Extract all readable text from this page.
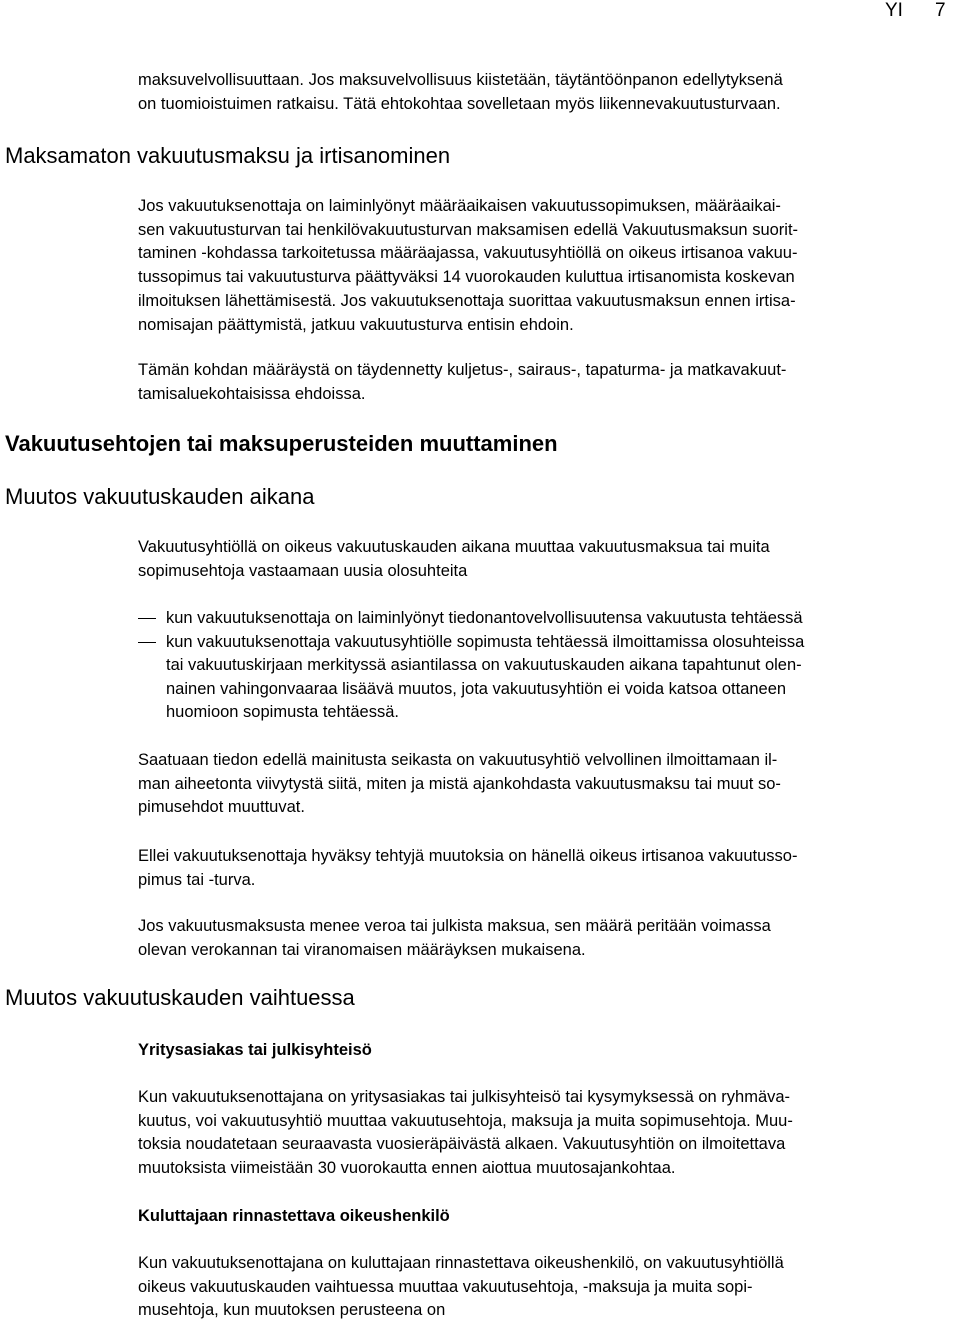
YI 7
maksuvelvollisuuttaan. Jos maksuvelvollisuus kiistetään, täytäntöönpanon edellytyksenä
on tuomioistuimen ratkaisu. Tätä ehtokohtaa sovelletaan myös liikennevakuutusturvaan.
Maksamaton vakuutusmaksu ja irtisanominen
Jos vakuutuksenottaja on laiminlyönyt määräaikaisen vakuutussopimuksen, määräaikai-
sen vakuutusturvan tai henkilövakuutusturvan maksamisen edellä Vakuutusmaksun suorit-
taminen -kohdassa tarkoitetussa määräajassa, vakuutusyhtiöllä on oikeus irtisanoa vakuu-
tussopimus tai vakuutusturva päättyväksi 14 vuorokauden kuluttua irtisanomista koskevan
ilmoituksen lähettämisestä. Jos vakuutuksenottaja suorittaa vakuutusmaksun ennen irtisa-
nomisajan päättymistä, jatkuu vakuutusturva entisin ehdoin.
Tämän kohdan määräystä on täydennetty kuljetus-, sairaus-, tapaturma- ja matkavakuut-
tamisaluekohtaisissa ehdoissa.
Vakuutusehtojen tai maksuperusteiden muuttaminen
Muutos vakuutuskauden aikana
Vakuutusyhtiöllä on oikeus vakuutuskauden aikana muuttaa vakuutusmaksua tai muita
sopimusehtoja vastaamaan uusia olosuhteita
kun vakuutuksenottaja on laiminlyönyt tiedonantovelvollisuutensa vakuutusta tehtäessä
kun vakuutuksenottaja vakuutusyhtiölle sopimusta tehtäessä ilmoittamissa olosuhteissa
tai vakuutuskirjaan merkityssä asiantilassa on vakuutuskauden aikana tapahtunut olen-
nainen vahingonvaaraa lisäävä muutos, jota vakuutusyhtiön ei voida katsoa ottaneen
huomioon sopimusta tehtäessä.
Saatuaan tiedon edellä mainitusta seikasta on vakuutusyhtiö velvollinen ilmoittamaan il-
man aiheetonta viivytystä siitä, miten ja mistä ajankohdasta vakuutusmaksu tai muut so-
pimusehdot muuttuvat.
Ellei vakuutuksenottaja hyväksy tehtyjä muutoksia on hänellä oikeus irtisanoa vakuutusso-
pimus tai -turva.
Jos vakuutusmaksusta menee veroa tai julkista maksua, sen määrä peritään voimassa
olevan verokannan tai viranomaisen määräyksen mukaisena.
Muutos vakuutuskauden vaihtuessa
Yritysasiakas tai julkisyhteisö
Kun vakuutuksenottajana on yritysasiakas tai julkisyhteisö tai kysymyksessä on ryhmäva-
kuutus, voi vakuutusyhtiö muuttaa vakuutusehtoja, maksuja ja muita sopimusehtoja. Muu-
toksia noudatetaan seuraavasta vuosieräpäivästä alkaen. Vakuutusyhtiön on ilmoitettava
muutoksista viimeistään 30 vuorokautta ennen aiottua muutosajankohtaa.
Kuluttajaan rinnastettava oikeushenkilö
Kun vakuutuksenottajana on kuluttajaan rinnastettava oikeushenkilö, on vakuutusyhtiöllä
oikeus vakuutuskauden vaihtuessa muuttaa vakuutusehtoja, -maksuja ja muita sopi-
musehtoja, kun muutoksen perusteena on
